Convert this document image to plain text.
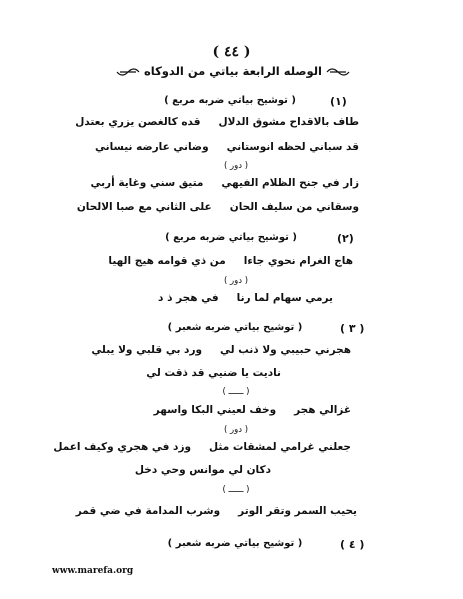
( ٤٤ )
الوصله الرابعة بياتي من الدوكاه
(١)
( توشيح بياتي ضربه مربع )
طاف بالاقداح مشوق الدلالقده كالغصن يزري بعتدل
قد سباني لحظه انوستانيوضاني عارضه نيساني
( دور )
زار في جنح الظلام الفيهيمتيق سني وغاية أربي
وسقاني من سليف الحانعلى الثاني مع صبا الالحان
(٢)
( توشيح بياتي ضربه مربع )
هاج الغرام نحوي جاءامن ذي قوامه هيج الهيا
( دور )
يرمي سهام لما رنافي هجر ذ د
( ٣ )
( توشيح بياتي ضربه شعبر )
هجرني حبيبي ولا ذنب ليورد بي قلبي ولا يبلي
ناديت يا ضنيي قد ذقت لي
( ــــــ )
غزالي هجروخف لعيني البكا واسهر
( دور )
جعلني غرامي لمشقات مثلوزد في هجري وكيف اعمل
دكان لي موانس وحي دخل
( ــــــ )
يحيب السمر وتقر الوتروشرب المدامة في ضي قمر
( ٤ )
( توشيح بياتي ضربه شعبر )
www.marefa.org
